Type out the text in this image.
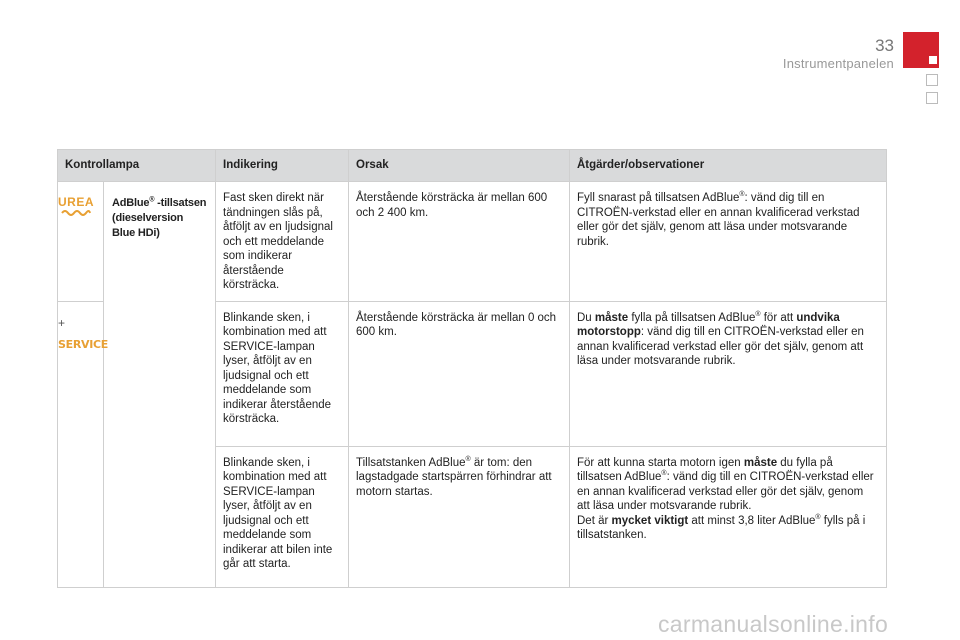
33
Instrumentpanelen
Kontrollampa		Indikering	Orsak	Åtgärder/observationer
UREA	AdBlue® -tillsatsen (dieselversion Blue HDi)	Fast sken direkt när tändningen slås på, åtföljt av en ljudsignal och ett meddelande som indikerar återstående körsträcka.	Återstående körsträcka är mellan 600 och 2 400 km.	Fyll snarast på tillsatsen AdBlue®: vänd dig till en CITROËN-verkstad eller en annan kvalificerad verkstad eller gör det själv, genom att läsa under motsvarande rubrik.

+
SERVICE		Blinkande sken, i kombination med att SERVICE-lampan lyser, åtföljt av en ljudsignal och ett meddelande som indikerar återstående körsträcka.	Återstående körsträcka är mellan 0 och 600 km.	Du måste fylla på tillsatsen AdBlue® för att undvika motorstopp: vänd dig till en CITROËN-verkstad eller en annan kvalificerad verkstad eller gör det själv, genom att läsa under motsvarande rubrik.
		Blinkande sken, i kombination med att SERVICE-lampan lyser, åtföljt av en ljudsignal och ett meddelande som indikerar att bilen inte går att starta.	Tillsatstanken AdBlue® är tom: den lagstadgade startspärren förhindrar att motorn startas.	För att kunna starta motorn igen måste du fylla på tillsatsen AdBlue®: vänd dig till en CITROËN-verkstad eller en annan kvalificerad verkstad eller gör det själv, genom att läsa under motsvarande rubrik.
Det är mycket viktigt att minst 3,8 liter AdBlue® fylls på i tillsatstanken.
carmanualsonline.info
